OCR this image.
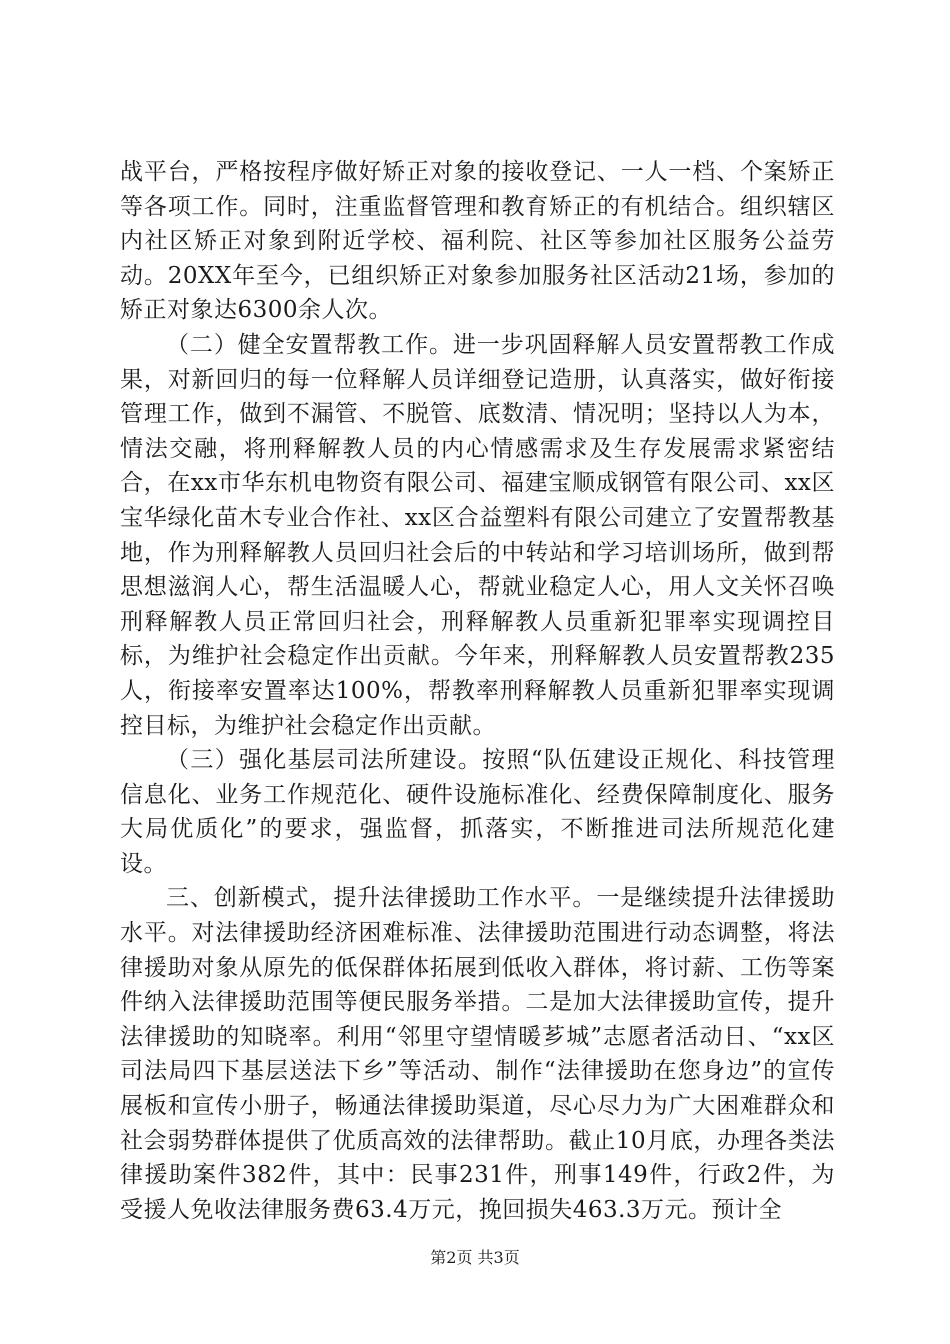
战平台，严格按程序做好矫正对象的接收登记、一人一档、个案矫正等各项工作。同时，注重监督管理和教育矫正的有机结合。组织辖区内社区矫正对象到附近学校、福利院、社区等参加社区服务公益劳动。20XX年至今，已组织矫正对象参加服务社区活动21场，参加的矫正对象达6300余人次。

（二）健全安置帮教工作。进一步巩固释解人员安置帮教工作成果，对新回归的每一位释解人员详细登记造册，认真落实，做好衔接管理工作，做到不漏管、不脱管、底数清、情况明；坚持以人为本，情法交融，将刑释解教人员的内心情感需求及生存发展需求紧密结合，在xx市华东机电物资有限公司、福建宝顺成钢管有限公司、xx区宝华绿化苗木专业合作社、xx区合益塑料有限公司建立了安置帮教基地，作为刑释解教人员回归社会后的中转站和学习培训场所，做到帮思想滋润人心，帮生活温暖人心，帮就业稳定人心，用人文关怀召唤刑释解教人员正常回归社会，刑释解教人员重新犯罪率实现调控目标，为维护社会稳定作出贡献。今年来，刑释解教人员安置帮教235人，衔接率安置率达100%，帮教率刑释解教人员重新犯罪率实现调控目标，为维护社会稳定作出贡献。

（三）强化基层司法所建设。按照“队伍建设正规化、科技管理信息化、业务工作规范化、硬件设施标准化、经费保障制度化、服务大局优质化”的要求，强监督，抓落实，不断推进司法所规范化建设。

三、创新模式，提升法律援助工作水平。一是继续提升法律援助水平。对法律援助经济困难标准、法律援助范围进行动态调整，将法律援助对象从原先的低保群体拓展到低收入群体，将讨薪、工伤等案件纳入法律援助范围等便民服务举措。二是加大法律援助宣传，提升法律援助的知晓率。利用“邻里守望情暖芗城”志愿者活动日、“xx区司法局四下基层送法下乡”等活动、制作“法律援助在您身边”的宣传展板和宣传小册子，畅通法律援助渠道，尽心尽力为广大困难群众和社会弱势群体提供了优质高效的法律帮助。截止10月底，办理各类法律援助案件382件，其中：民事231件，刑事149件，行政2件，为受援人免收法律服务费63.4万元，挽回损失463.3万元。预计全

第2页 共3页
